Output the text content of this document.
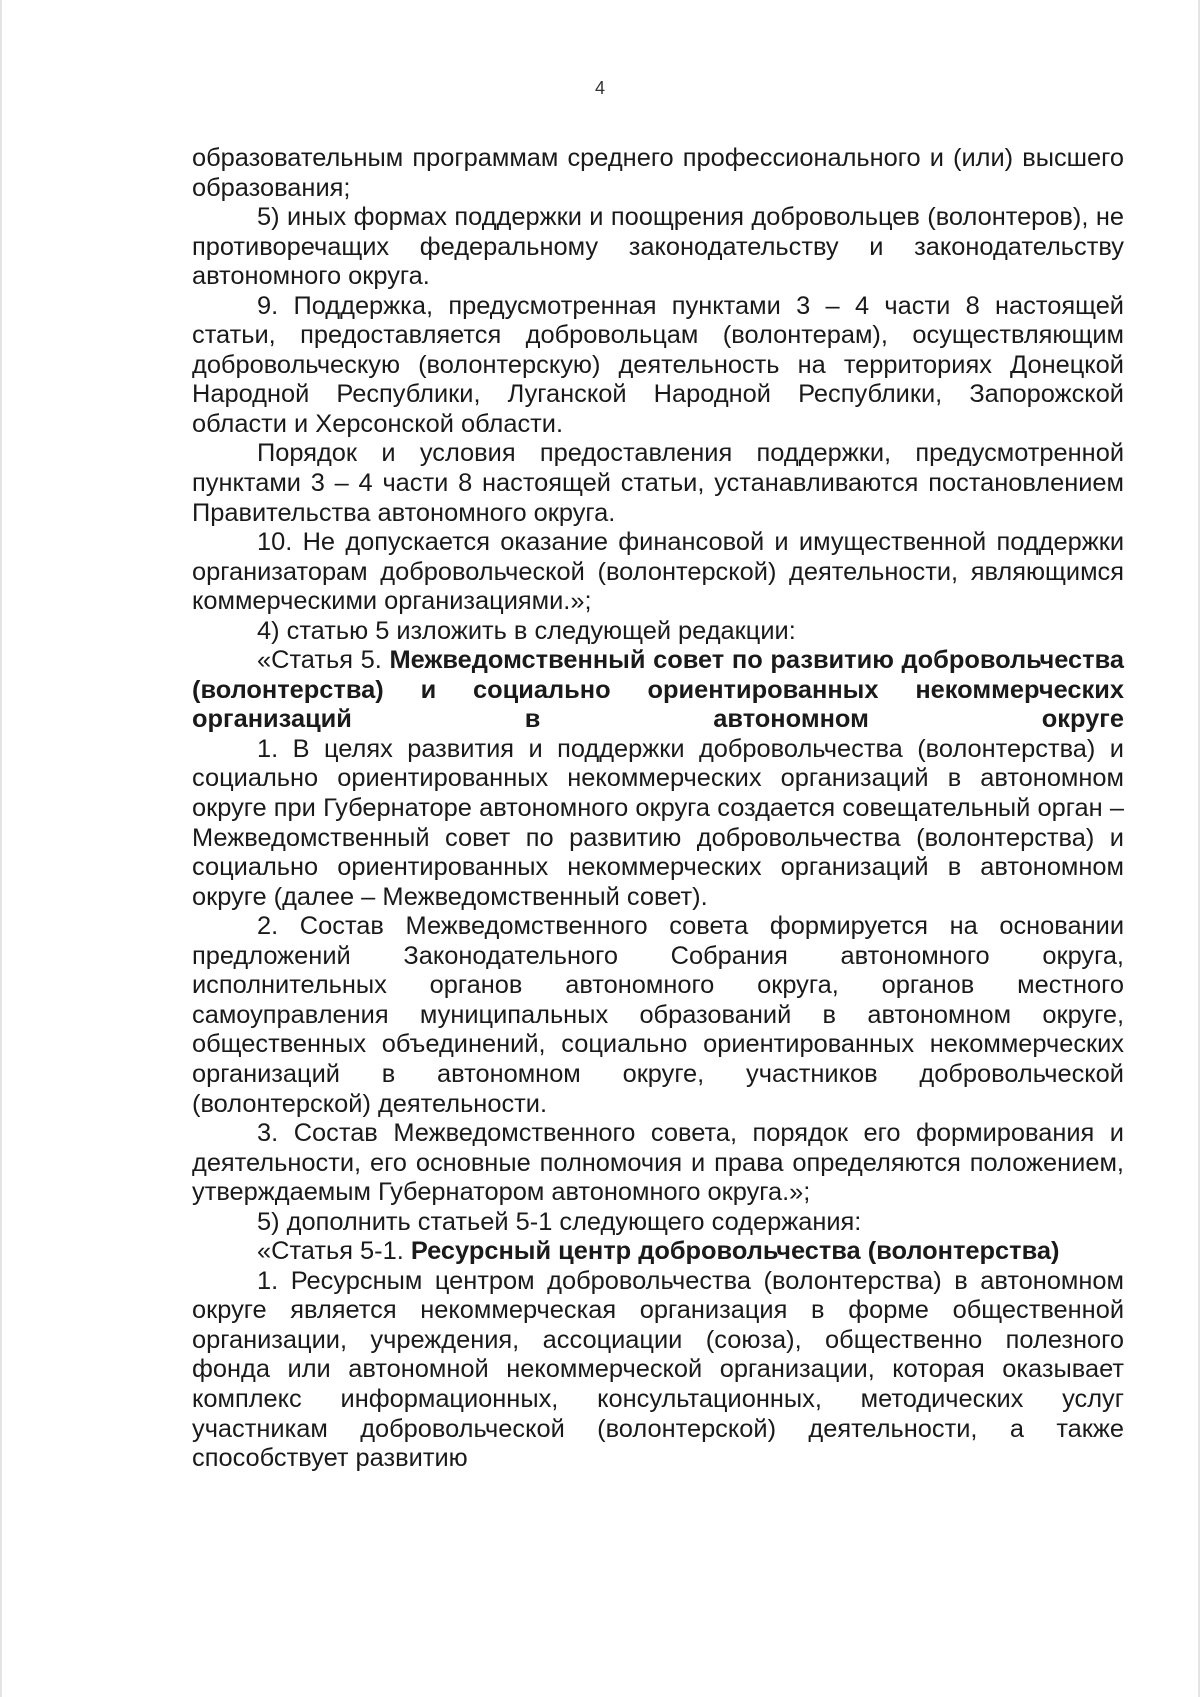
4

образовательным программам среднего профессионального и (или) высшего образования;

5) иных формах поддержки и поощрения добровольцев (волонтеров), не противоречащих федеральному законодательству и законодательству автономного округа.

9. Поддержка, предусмотренная пунктами 3 – 4 части 8 настоящей статьи, предоставляется добровольцам (волонтерам), осуществляющим добровольческую (волонтерскую) деятельность на территориях Донецкой Народной Республики, Луганской Народной Республики, Запорожской области и Херсонской области.

Порядок и условия предоставления поддержки, предусмотренной пунктами 3 – 4 части 8 настоящей статьи, устанавливаются постановлением Правительства автономного округа.

10. Не допускается оказание финансовой и имущественной поддержки организаторам добровольческой (волонтерской) деятельности, являющимся коммерческими организациями.»;

4) статью 5 изложить в следующей редакции:

«Статья 5. Межведомственный совет по развитию добровольчества (волонтерства) и социально ориентированных некоммерческих организаций в автономном округе

1. В целях развития и поддержки добровольчества (волонтерства) и социально ориентированных некоммерческих организаций в автономном округе при Губернаторе автономного округа создается совещательный орган – Межведомственный совет по развитию добровольчества (волонтерства) и социально ориентированных некоммерческих организаций в автономном округе (далее – Межведомственный совет).

2. Состав Межведомственного совета формируется на основании предложений Законодательного Собрания автономного округа, исполнительных органов автономного округа, органов местного самоуправления муниципальных образований в автономном округе, общественных объединений, социально ориентированных некоммерческих организаций в автономном округе, участников добровольческой (волонтерской) деятельности.

3. Состав Межведомственного совета, порядок его формирования и деятельности, его основные полномочия и права определяются положением, утверждаемым Губернатором автономного округа.»;

5) дополнить статьей 5-1 следующего содержания:

«Статья 5-1. Ресурсный центр добровольчества (волонтерства)

1. Ресурсным центром добровольчества (волонтерства) в автономном округе является некоммерческая организация в форме общественной организации, учреждения, ассоциации (союза), общественно полезного фонда или автономной некоммерческой организации, которая оказывает комплекс информационных, консультационных, методических услуг участникам добровольческой (волонтерской) деятельности, а также способствует развитию
